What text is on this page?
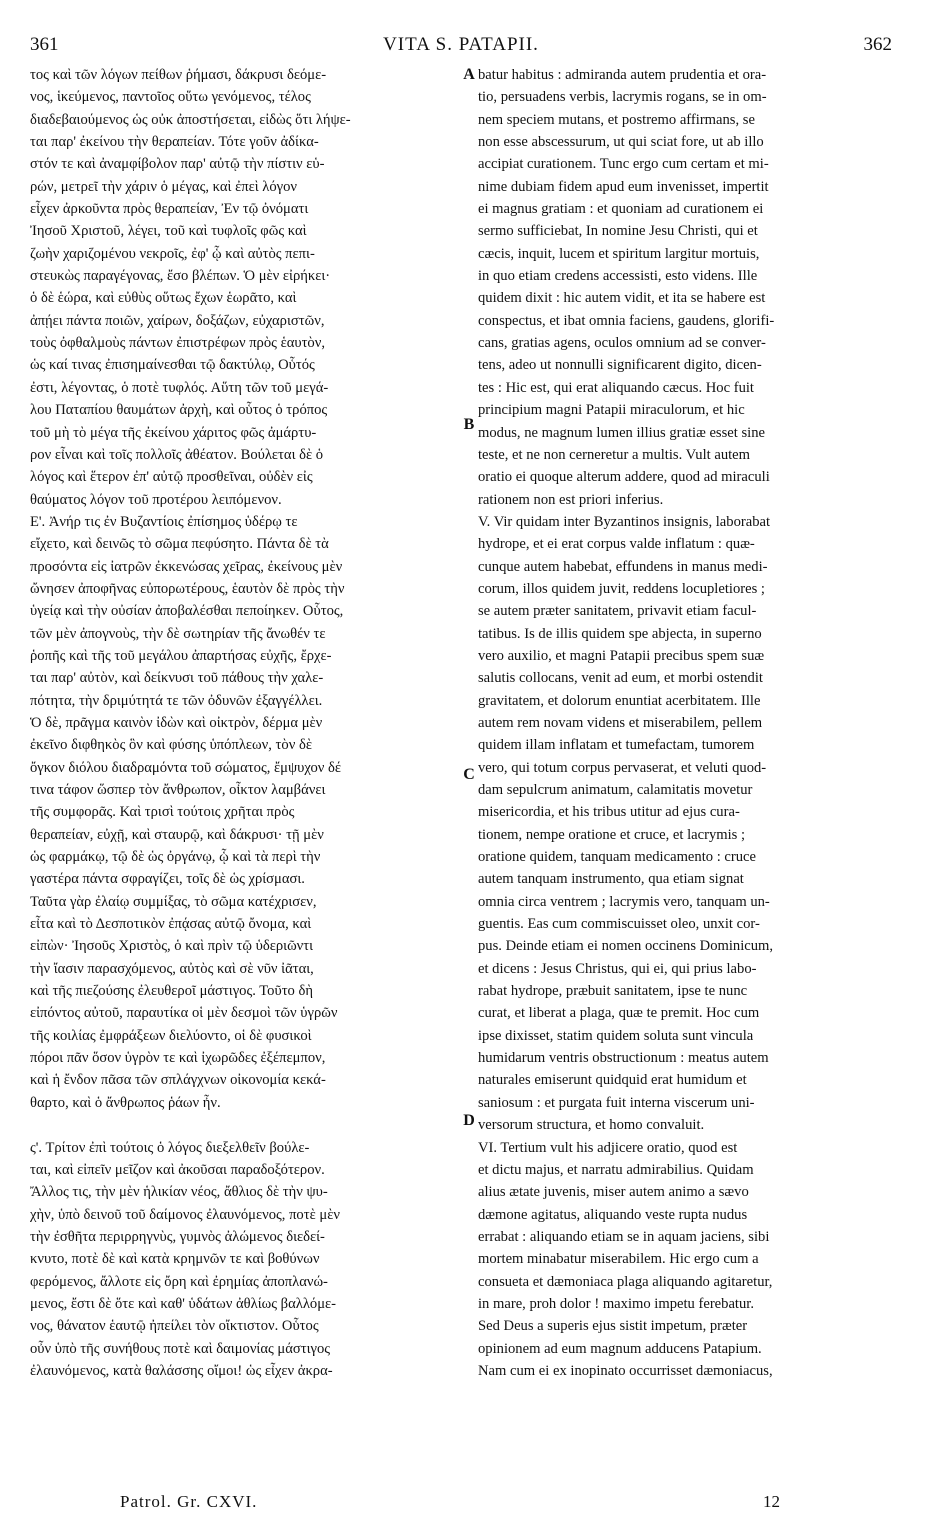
361	VITA S. PATAPII.	362
τος καὶ τῶν λόγων πείθων ῥήμασι, δάκρυσι δεόμε-
νος, ἱκεύμενος, παντοῖος οὕτω γενόμενος, τέλος
διαδεβαιούμενος ὡς οὐκ ἀποστήσεται, εἰδὼς ὅτι λήψε-
ται παρ' ἐκείνου τὴν θεραπείαν. Τότε γοῦν ἀδίκα-
στόν τε καὶ ἀναμφίβολον παρ' αὐτῷ τὴν πίστιν εὑ-
ρών, μετρεῖ τὴν χάριν ὁ μέγας, καὶ ἐπεὶ λόγον
εἶχεν ἀρκοῦντα πρὸς θεραπείαν, Ἐν τῷ ὀνόματι
Ἰησοῦ Χριστοῦ, λέγει, τοῦ καὶ τυφλοῖς φῶς καὶ
ζωὴν χαριζομένου νεκροῖς, ἐφ' ᾧ καὶ αὐτὸς πεπι-
στευκὼς παραγέγονας, ἔσο βλέπων. Ὁ μὲν εἰρήκει·
ὁ δὲ ἑώρα, καὶ εὐθὺς οὕτως ἔχων ἑωρᾶτο, καὶ
ἀπῄει πάντα ποιῶν, χαίρων, δοξάζων, εὐχαριστῶν,
τοὺς ὀφθαλμοὺς πάντων ἐπιστρέφων πρὸς ἑαυτὸν,
ὡς καί τινας ἐπισημαίνεσθαι τῷ δακτύλῳ, Οὗτός
ἐστι, λέγοντας, ὁ ποτὲ τυφλός. Αὕτη τῶν τοῦ μεγά-
λου Παταπίου θαυμάτων ἀρχὴ, καὶ οὗτος ὁ τρόπος
τοῦ μὴ τὸ μέγα τῆς ἐκείνου χάριτος φῶς ἀμάρτυ-
ρον εἶναι καὶ τοῖς πολλοῖς ἀθέατον. Βούλεται δὲ ὁ
λόγος καὶ ἕτερον ἐπ' αὐτῷ προσθεῖναι, οὐδὲν εἰς
θαύματος λόγον τοῦ προτέρου λειπόμενον.
Ε'. Ἀνήρ τις ἐν Βυζαντίοις ἐπίσημος ὑδέρῳ τε
εἴχετο, καὶ δεινῶς τὸ σῶμα πεφύσητο. Πάντα δὲ τὰ
προσόντα εἰς ἰατρῶν ἐκκενώσας χεῖρας, ἐκείνους μὲν
ὤνησεν ἀποφῆνας εὐπορωτέρους, ἑαυτὸν δὲ πρὸς τὴν
ὑγείᾳ καὶ τὴν οὐσίαν ἀποβαλέσθαι πεποίηκεν. Οὗτος,
τῶν μὲν ἀπογνοὺς, τὴν δὲ σωτηρίαν τῆς ἄνωθέν τε
ῥοπῆς καὶ τῆς τοῦ μεγάλου ἀπαρτήσας εὐχῆς, ἔρχε-
ται παρ' αὐτὸν, καὶ δείκνυσι τοῦ πάθους τὴν χαλε-
πότητα, τὴν δριμύτητά τε τῶν ὀδυνῶν ἐξαγγέλλει.
Ὁ δὲ, πρᾶγμα καινὸν ἰδὼν καὶ οἰκτρὸν, δέρμα μὲν
ἐκεῖνο διφθηκὸς ὃν καὶ φύσης ὑπόπλεων, τὸν δὲ
ὄγκον διόλου διαδραμόντα τοῦ σώματος, ἔμψυχον δέ
τινα τάφον ὥσπερ τὸν ἄνθρωπον, οἶκτον λαμβάνει
τῆς συμφορᾶς. Καὶ τρισὶ τούτοις χρῆται πρὸς
θεραπείαν, εὐχῇ, καὶ σταυρῷ, καὶ δάκρυσι· τῇ μὲν
ὡς φαρμάκῳ, τῷ δὲ ὡς ὀργάνῳ, ᾧ καὶ τὰ περὶ τὴν
γαστέρα πάντα σφραγίζει, τοῖς δὲ ὡς χρίσμασι.
Ταῦτα γὰρ ἐλαίῳ συμμίξας, τὸ σῶμα κατέχρισεν,
εἶτα καὶ τὸ Δεσποτικὸν ἐπᾴσας αὐτῷ ὄνομα, καὶ
εἰπὼν· Ἰησοῦς Χριστὸς, ὁ καὶ πρὶν τῷ ὑδεριῶντι
τὴν ἴασιν παρασχόμενος, αὐτὸς καὶ σὲ νῦν ἰᾶται,
καὶ τῆς πιεζούσης ἐλευθεροῖ μάστιγος. Τοῦτο δὴ
εἰπόντος αὐτοῦ, παραυτίκα οἱ μὲν δεσμοὶ τῶν ὑγρῶν
τῆς κοιλίας ἐμφράξεων διελύοντο, οἱ δὲ φυσικοὶ
πόροι πᾶν ὅσον ὑγρὸν τε καὶ ἰχωρῶδες ἐξέπεμπον,
καὶ ἡ ἔνδον πᾶσα τῶν σπλάγχνων οἰκονομία κεκά-
θαρτο, καὶ ὁ ἄνθρωπος ῥάων ἦν.
ς'. Τρίτον ἐπὶ τούτοις ὁ λόγος διεξελθεῖν βούλε-
ται, καὶ εἰπεῖν μεῖζον καὶ ἀκοῦσαι παραδοξότερον.
Ἄλλος τις, τὴν μὲν ἡλικίαν νέος, ἄθλιος δὲ τὴν ψυ-
χὴν, ὑπὸ δεινοῦ τοῦ δαίμονος ἐλαυνόμενος, ποτὲ μὲν
τὴν ἐσθῆτα περιρρηγνὺς, γυμνὸς ἀλώμενος διεδεί-
κνυτο, ποτὲ δὲ καὶ κατὰ κρημνῶν τε καὶ βοθύνων
φερόμενος, ἄλλοτε εἰς ὄρη καὶ ἐρημίας ἀποπλανώ-
μενος, ἔστι δὲ ὅτε καὶ καθ' ὑδάτων ἀθλίως βαλλόμε-
νος, θάνατον ἑαυτῷ ἠπείλει τὸν οἴκτιστον. Οὗτος
οὖν ὑπὸ τῆς συνήθους ποτὲ καὶ δαιμονίας μάστιγος
ἐλαυνόμενος, κατὰ θαλάσσης οἴμοι! ὡς εἶχεν ἀκρα-
batur habitus : admiranda autem prudentia et ora-
tio, persuadens verbis, lacrymis rogans, se in om-
nem speciem mutans, et postremo affirmans, se
non esse abscessurum, ut qui sciat fore, ut ab illo
accipiat curationem. Tunc ergo cum certam et mi-
nime dubiam fidem apud eum invenisset, impertit
ei magnus gratiam : et quoniam ad curationem ei
sermo sufficiebat, In nomine Jesu Christi, qui et
cæcis, inquit, lucem et spiritum largitur mortuis,
in quo etiam credens accessisti, esto videns. Ille
quidem dixit : hic autem vidit, et ita se habere est
conspectus, et ibat omnia faciens, gaudens, glorifi-
cans, gratias agens, oculos omnium ad se conver-
tens, adeo ut nonnulli significarent digito, dicen-
tes : Hic est, qui erat aliquando cæcus. Hoc fuit
principium magni Patapii miraculorum, et hic
modus, ne magnum lumen illius gratiæ esset sine
teste, et ne non cerneretur a multis. Vult autem
oratio ei quoque alterum addere, quod ad miraculi
rationem non est priori inferius.
V. Vir quidam inter Byzantinos insignis, laborabat
hydrope, et ei erat corpus valde inflatum : quæ-
cunque autem habebat, effundens in manus medi-
corum, illos quidem juvit, reddens locupletiores ;
se autem præter sanitatem, privavit etiam facul-
tatibus. Is de illis quidem spe abjecta, in superno
vero auxilio, et magni Patapii precibus spem suæ
salutis collocans, venit ad eum, et morbi ostendit
gravitatem, et dolorum enuntiat acerbitatem. Ille
autem rem novam videns et miserabilem, pellem
quidem illam inflatam et tumefactam, tumorem
vero, qui totum corpus pervaserat, et veluti quod-
dam sepulcrum animatum, calamitatis movetur
misericordia, et his tribus utitur ad ejus cura-
tionem, nempe oratione et cruce, et lacrymis ;
oratione quidem, tanquam medicamento : cruce
autem tanquam instrumento, qua etiam signat
omnia circa ventrem ; lacrymis vero, tanquam un-
guentis. Eas cum commiscuisset oleo, unxit cor-
pus. Deinde etiam ei nomen occinens Dominicum,
et dicens : Jesus Christus, qui ei, qui prius labo-
rabat hydrope, præbuit sanitatem, ipse te nunc
curat, et liberat a plaga, quæ te premit. Hoc cum
ipse dixisset, statim quidem soluta sunt vincula
humidarum ventris obstructionum : meatus autem
naturales emiserunt quidquid erat humidum et
saniosum : et purgata fuit interna viscerum uni-
versorum structura, et homo convaluit.
VI. Tertium vult his adjicere oratio, quod est
et dictu majus, et narratu admirabilius. Quidam
alius ætate juvenis, miser autem animo a sævo
dæmone agitatus, aliquando veste rupta nudus
errabat : aliquando etiam se in aquam jaciens, sibi
mortem minabatur miserabilem. Hic ergo cum a
consueta et dæmoniaca plaga aliquando agitaretur,
in mare, proh dolor ! maximo impetu ferebatur.
Sed Deus a superis ejus sistit impetum, præter
opinionem ad eum magnum adducens Patapium.
Nam cum ei ex inopinato occurrisset dæmoniacus,
A
B
C
D
Patrol. Gr. CXVI.	12
